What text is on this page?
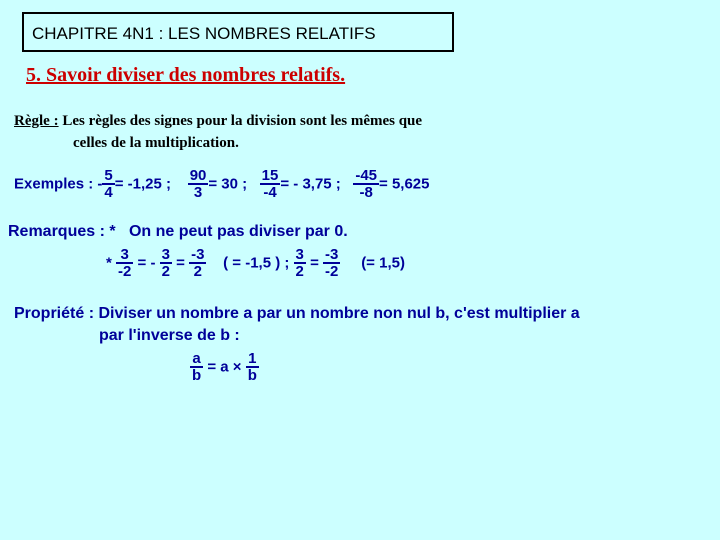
CHAPITRE 4N1 : LES NOMBRES RELATIFS
5. Savoir diviser des nombres relatifs.
Règle : Les règles des signes pour la division sont les mêmes que
celles de la multiplication.
Exemples : - $\frac{5}{4} = -1,25$ ; $\frac{90}{3} = 30$ ; $\frac{15}{-4}$ = - 3,75 ; $\frac{-45}{-8} = 5,625$
Remarques : * On ne peut pas diviser par 0.
* $\frac{3}{-2}$ = - $\frac{3}{2} = \frac{-3}{2}$ ( = -1,5 ) ; $\frac{3}{2} = \frac{-3}{-2}$ (= 1,5)
Propriété : Diviser un nombre a par un nombre non nul b, c'est multiplier a
par l'inverse de b :
$\frac{a}{b} = a \times \frac{1}{b}$
